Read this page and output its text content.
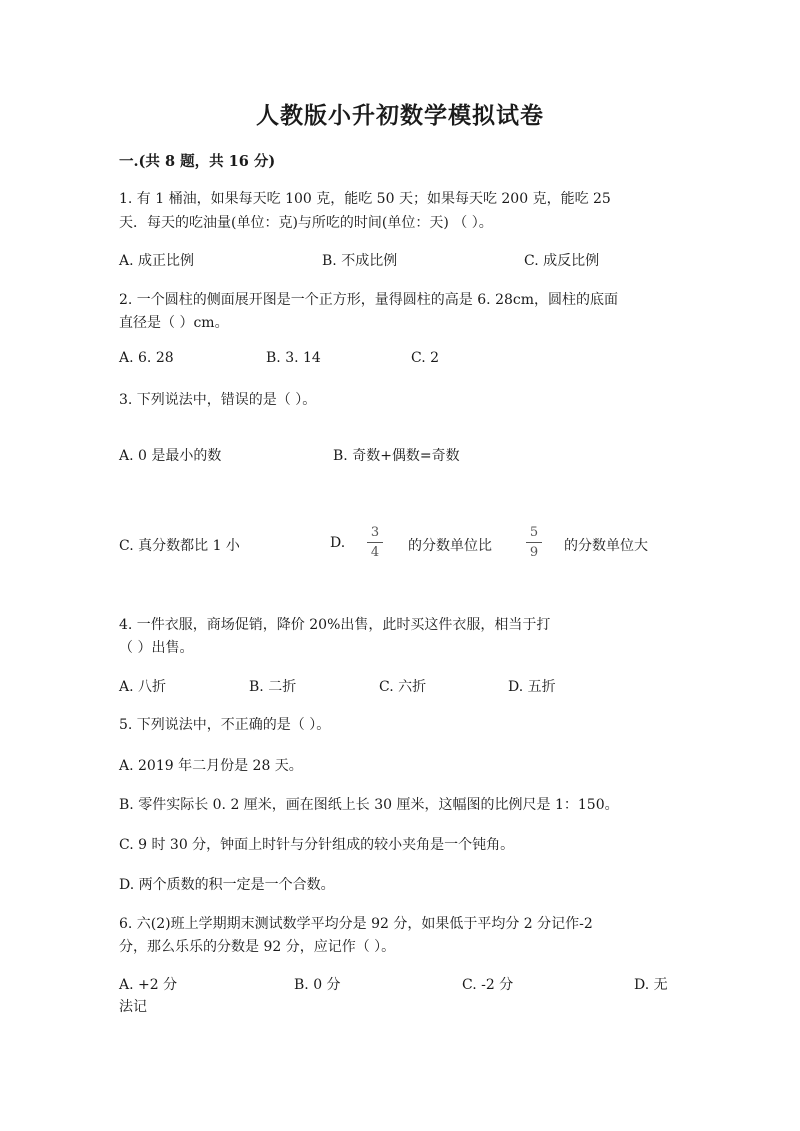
人教版小升初数学模拟试卷
一.(共 8 题，共 16 分)
1. 有 1 桶油，如果每天吃 100 克，能吃 50 天；如果每天吃 200 克，能吃 25
天．每天的吃油量(单位：克)与所吃的时间(单位：天) （ ）。
A. 成正比例	B. 不成比例	C. 成反比例
2. 一个圆柱的侧面展开图是一个正方形，量得圆柱的高是 6. 28cm，圆柱的底面
直径是（ ）cm。
A. 6. 28	B. 3. 14	C. 2
3. 下列说法中，错误的是（ ）。
A. 0 是最小的数	B. 奇数+偶数=奇数
C. 真分数都比 1 小	D.
3
4	的分数单位比
5
9	的分数单位大
4. 一件衣服，商场促销，降价 20%出售，此时买这件衣服，相当于打
（ ）出售。
A. 八折	B. 二折	C. 六折	D. 五折
5. 下列说法中，不正确的是（ ）。
A. 2019 年二月份是 28 天。
B. 零件实际长 0. 2 厘米，画在图纸上长 30 厘米，这幅图的比例尺是 1：150。
C. 9 时 30 分，钟面上时针与分针组成的较小夹角是一个钝角。
D. 两个质数的积一定是一个合数。
6. 六(2)班上学期期末测试数学平均分是 92 分，如果低于平均分 2 分记作-2
分，那么乐乐的分数是 92 分，应记作（ ）。
A. +2 分	B. 0 分	C. -2 分	D. 无
法记
